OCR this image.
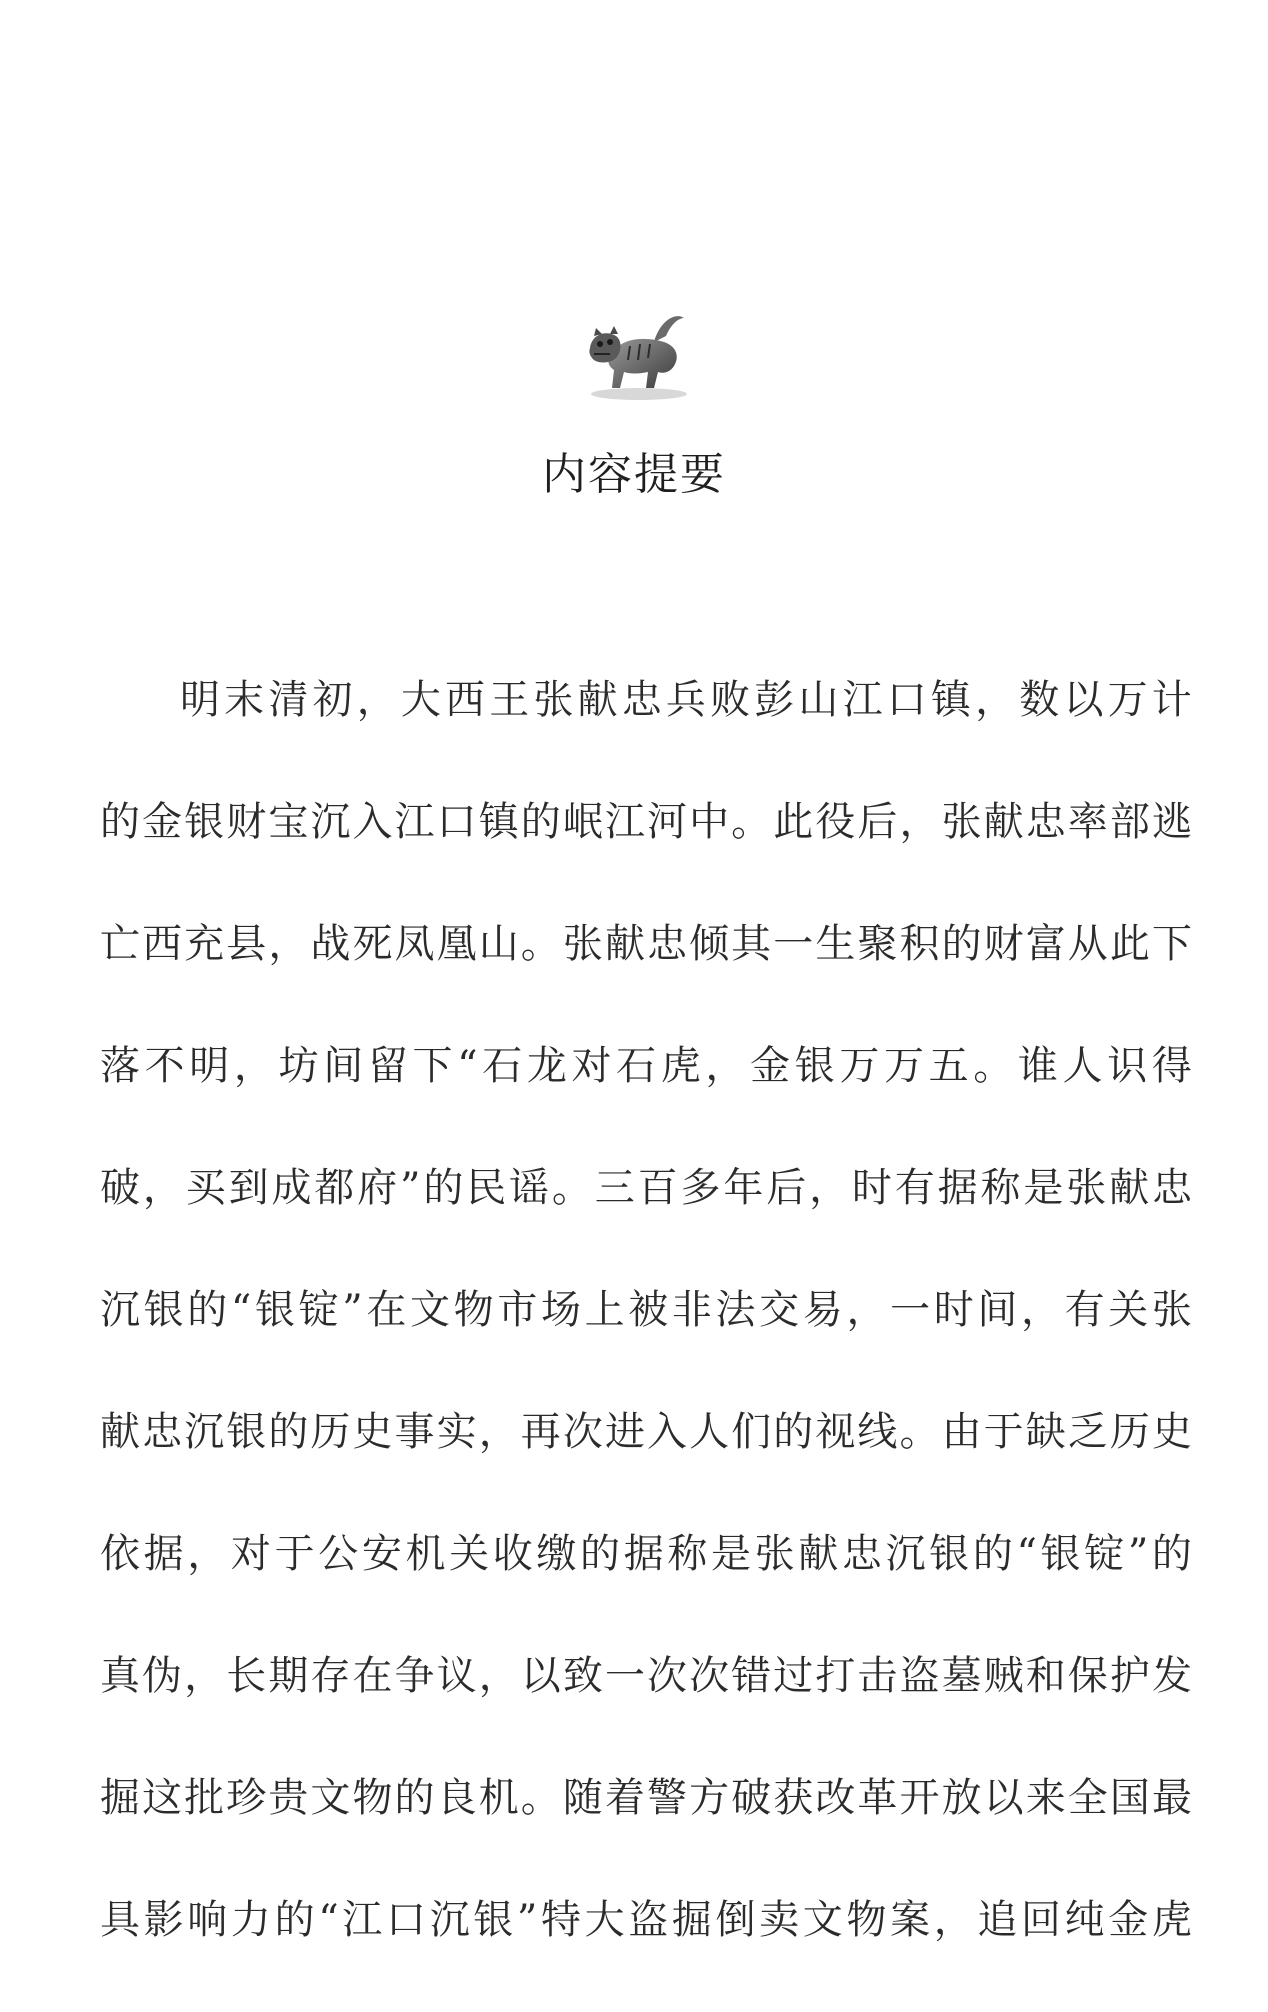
内容提要
明 末 清 初 ， 大 西 王 张 献 忠 兵 败 彭 山 江 口 镇 ， 数 以 万 计
的 金 银 财 宝 沉 入 江 口 镇 的 岷 江 河 中 。 此 役 后 ， 张 献 忠 率 部 逃
亡 西 充 县 ， 战 死 凤 凰 山 。 张 献 忠 倾 其 一 生 聚 积 的 财 富 从 此 下
落 不 明 ， 坊 间 留 下 “ 石 龙 对 石 虎 ， 金 银 万 万 五 。 谁 人 识 得
破 ， 买 到 成 都 府 ” 的 民 谣 。 三 百 多 年 后 ， 时 有 据 称 是 张 献 忠
沉 银 的 “ 银 锭 ” 在 文 物 市 场 上 被 非 法 交 易 ， 一 时 间 ， 有 关 张
献 忠 沉 银 的 历 史 事 实 ， 再 次 进 入 人 们 的 视 线 。 由 于 缺 乏 历 史
依 据 ， 对 于 公 安 机 关 收 缴 的 据 称 是 张 献 忠 沉 银 的 “ 银 锭 ” 的
真 伪 ， 长 期 存 在 争 议 ， 以 致 一 次 次 错 过 打 击 盗 墓 贼 和 保 护 发
掘 这 批 珍 贵 文 物 的 良 机 。 随 着 警 方 破 获 改 革 开 放 以 来 全 国 最
具 影 响 力 的 “ 江 口 沉 银 ” 特 大 盗 掘 倒 卖 文 物 案 ， 追 回 纯 金 虎
